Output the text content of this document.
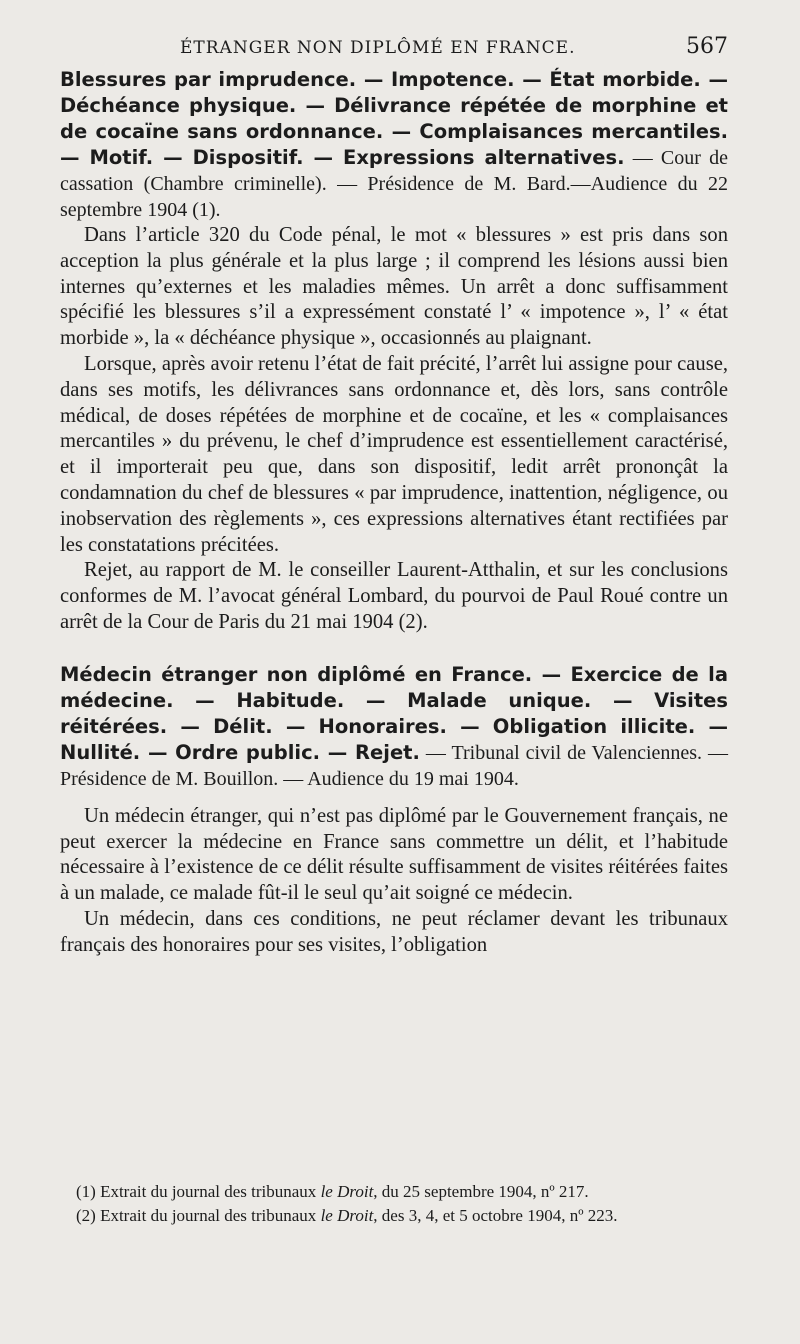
ÉTRANGER NON DIPLÔMÉ EN FRANCE.	567

Blessures par imprudence. — Impotence. — État morbide. — Déchéance physique. — Délivrance répétée de morphine et de cocaïne sans ordonnance. — Complaisances mercantiles. — Motif. — Dispositif. — Expressions alternatives. — Cour de cassation (Chambre criminelle). — Présidence de M. Bard.—Audience du 22 septembre 1904 (1).

Dans l’article 320 du Code pénal, le mot « blessures » est pris dans son acception la plus générale et la plus large ; il comprend les lésions aussi bien internes qu’externes et les maladies mêmes. Un arrêt a donc suffisamment spécifié les blessures s’il a expressément constaté l’ « impotence », l’ « état morbide », la « déchéance physique », occasionnés au plaignant.

Lorsque, après avoir retenu l’état de fait précité, l’arrêt lui assigne pour cause, dans ses motifs, les délivrances sans ordonnance et, dès lors, sans contrôle médical, de doses répétées de morphine et de cocaïne, et les « complaisances mercantiles » du prévenu, le chef d’imprudence est essentiellement caractérisé, et il importerait peu que, dans son dispositif, ledit arrêt prononçât la condamnation du chef de blessures « par imprudence, inattention, négligence, ou inobservation des règlements », ces expressions alternatives étant rectifiées par les constatations précitées.

Rejet, au rapport de M. le conseiller Laurent-Atthalin, et sur les conclusions conformes de M. l’avocat général Lombard, du pourvoi de Paul Roué contre un arrêt de la Cour de Paris du 21 mai 1904 (2).

Médecin étranger non diplômé en France. — Exercice de la médecine. — Habitude. — Malade unique. — Visites réitérées. — Délit. — Honoraires. — Obligation illicite. — Nullité. — Ordre public. — Rejet. — Tribunal civil de Valenciennes. — Présidence de M. Bouillon. — Audience du 19 mai 1904.

Un médecin étranger, qui n’est pas diplômé par le Gouvernement français, ne peut exercer la médecine en France sans commettre un délit, et l’habitude nécessaire à l’existence de ce délit résulte suffisamment de visites réitérées faites à un malade, ce malade fût-il le seul qu’ait soigné ce médecin.

Un médecin, dans ces conditions, ne peut réclamer devant les tribunaux français des honoraires pour ses visites, l’obligation

(1) Extrait du journal des tribunaux le Droit, du 25 septembre 1904, nº 217.

(2) Extrait du journal des tribunaux le Droit, des 3, 4, et 5 octobre 1904, nº 223.
